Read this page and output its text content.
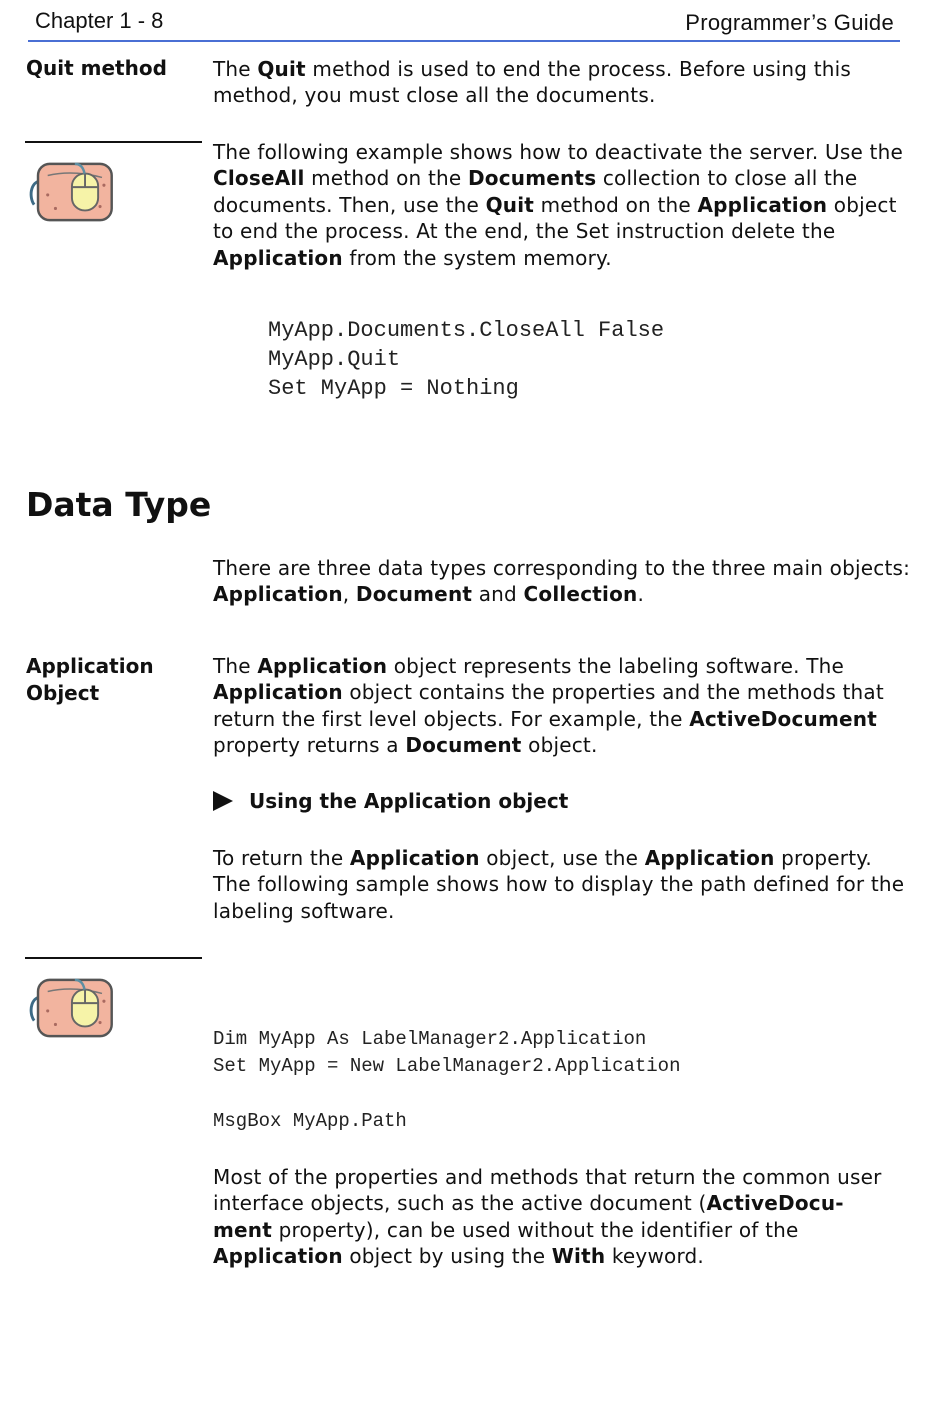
Chapter 1 - 8	Programmer’s Guide
Quit method The Quit method is used to end the process. Before using this method, you must close all the documents.
The following example shows how to deactivate the server. Use the CloseAll method on the Documents collection to close all the documents. Then, use the Quit method on the Application object to end the process. At the end, the Set instruction delete the Application from the system memory.
MyApp.Documents.CloseAll False
MyApp.Quit
Set MyApp = Nothing
Data Type
There are three data types corresponding to the three main objects: Application, Document and Collection.
Application
Object
The Application object represents the labeling software. The Application object contains the properties and the methods that return the first level objects. For example, the ActiveDocument property returns a Document object.
Using the Application object
To return the Application object, use the Application property. The following sample shows how to display the path defined for the labeling software.
Dim MyApp As LabelManager2.Application
Set MyApp = New LabelManager2.Application
MsgBox MyApp.Path
Most of the properties and methods that return the common user interface objects, such as the active document (ActiveDocu-
ment property), can be used without the identifier of the Application object by using the With keyword.
